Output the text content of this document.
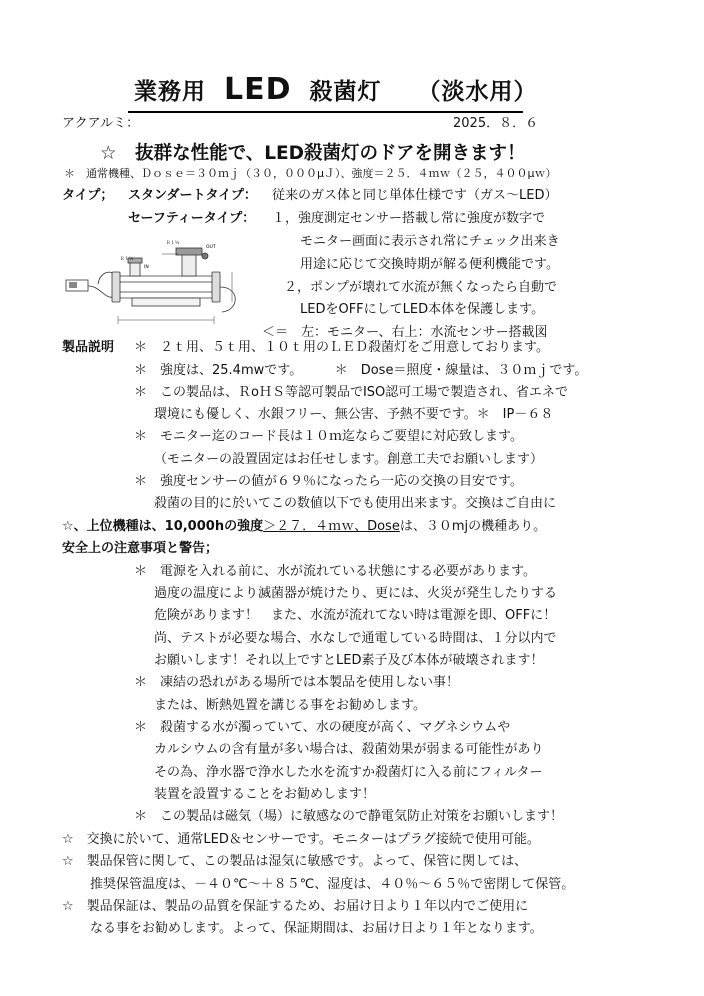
業務用 LED 殺菌灯 （淡水用）
アクアルミ：	2025．８．６
☆　抜群な性能で、LED殺菌灯のドアを開きます！
＊　通常機種、Ｄｏｓｅ＝３０ｍｊ（３０，０００μＪ）、強度＝２５．４ｍｗ（２５，４００μｗ）
タイプ； スタンダートタイプ： 従来のガス体と同じ単体仕様です（ガス～LED）
セーフティータイプ： １，強度測定センサー搭載し常に強度が数字で
モニター画面に表示され常にチェック出来き
用途に応じて交換時期が解る便利機能です。
２，ポンプが壊れて水流が無くなったら自動で
LEDをOFFにしてLED本体を保護します。
＜＝　左：モニター、右上：水流センサー搭載図
Ｒ１½
IN
Ｒ１½
OUT
製品説明 ＊　２ｔ用、５ｔ用、１０ｔ用のＬＥＤ殺菌灯をご用意しております。
＊　強度は、25.4mwです。　　　＊　Dose＝照度・線量は、３０ｍｊです。
＊　この製品は、ＲoＨＳ等認可製品でISO認可工場で製造され、省エネで
環境にも優しく、水銀フリー、無公害、予熱不要です。＊　IP－６８
＊　モニター迄のコード長は１０ｍ迄ならご要望に対応致します。
（モニターの設置固定はお任せします。創意工夫でお願いします）
＊　強度センサーの値が６９％になったら一応の交換の目安です。
殺菌の目的に於いてこの数値以下でも使用出来ます。交換はご自由に
☆、上位機種は、10,000hの強度＞２７．４ｍｗ、Doseは、３０mjの機種あり。
安全上の注意事項と警告；
＊　電源を入れる前に、水が流れている状態にする必要があります。
過度の温度により滅菌器が焼けたり、更には、火災が発生したりする
危険があります！　また、水流が流れてない時は電源を即、OFFに！
尚、テストが必要な場合、水なしで通電している時間は、１分以内で
お願いします！それ以上ですとLED素子及び本体が破壊されます！
＊　凍結の恐れがある場所では本製品を使用しない事！
または、断熱処置を講じる事をお勧めします。
＊　殺菌する水が濁っていて、水の硬度が高く、マグネシウムや
カルシウムの含有量が多い場合は、殺菌効果が弱まる可能性があり
その為、浄水器で浄水した水を流すか殺菌灯に入る前にフィルター
装置を設置することをお勧めします！
＊　この製品は磁気（場）に敏感なので静電気防止対策をお願いします！
☆　交換に於いて、通常LED＆センサーです。モニターはプラグ接続で使用可能。
☆　製品保管に関して、この製品は湿気に敏感です。よって、保管に関しては、
推奨保管温度は、－４０℃～＋８５℃、湿度は、４０％～６５％で密閉して保管。
☆　製品保証は、製品の品質を保証するため、お届け日より１年以内でご使用に
なる事をお勧めします。よって、保証期間は、お届け日より１年となります。
